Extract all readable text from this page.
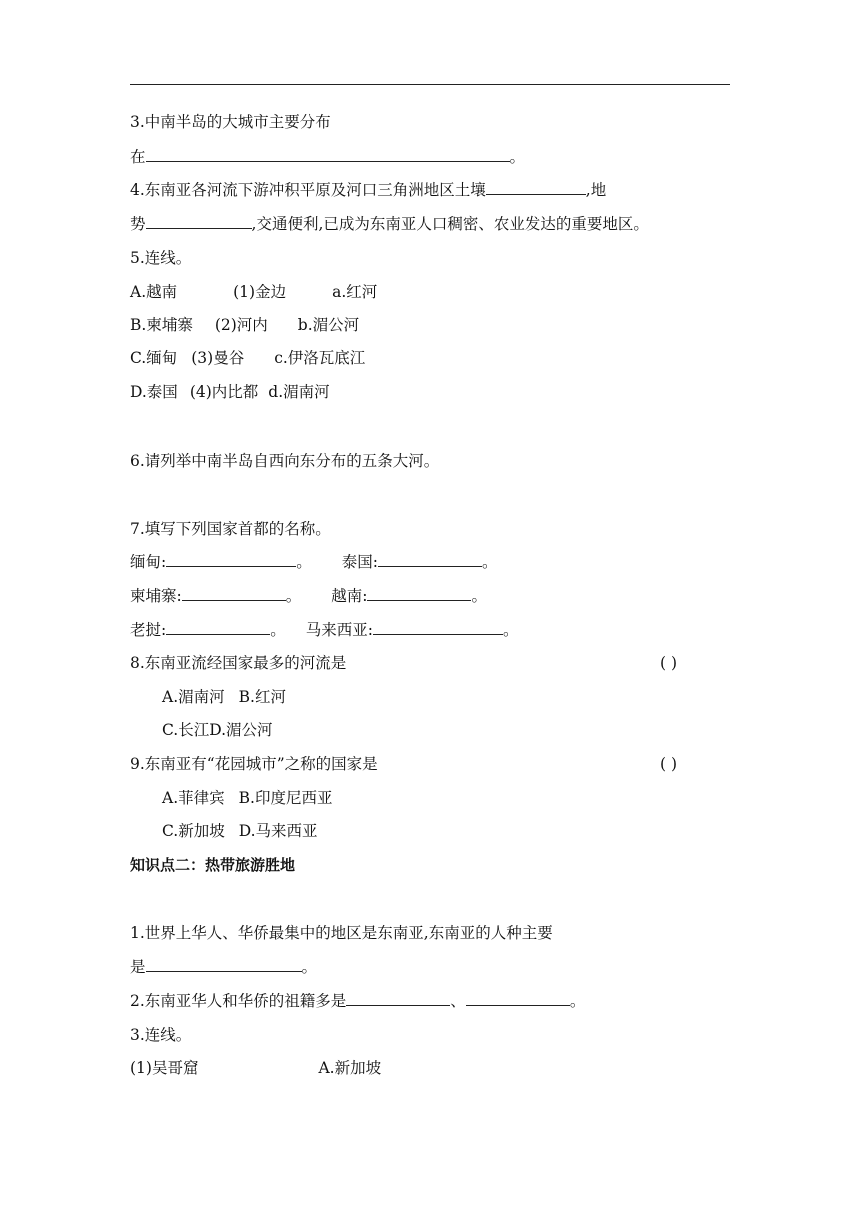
3.中南半岛的大城市主要分布
在	。
4.东南亚各河流下游冲积平原及河口三角洲地区土壤	,地
势	,交通便利,已成为东南亚人口稠密、农业发达的重要地区。
5.连线。
A.越南	(1)金边	a.红河
B.柬埔寨 (2)河内 b.湄公河
C.缅甸 (3)曼谷 c.伊洛瓦底江
D.泰国 (4)内比都 d.湄南河
6.请列举中南半岛自西向东分布的五条大河。
7.填写下列国家首都的名称。
缅甸:	。 泰国:	。
柬埔寨:	。 越南:	。
老挝:	。 马来西亚:	。
8.东南亚流经国家最多的河流是	( )
A.湄南河 B.红河
C.长江D.湄公河
9.东南亚有“花园城市”之称的国家是	( )
A.菲律宾 B.印度尼西亚
C.新加坡 D.马来西亚
知识点二：热带旅游胜地
1.世界上华人、华侨最集中的地区是东南亚,东南亚的人种主要
是	。
2.东南亚华人和华侨的祖籍多是	、	。
3.连线。
(1)吴哥窟	A.新加坡
